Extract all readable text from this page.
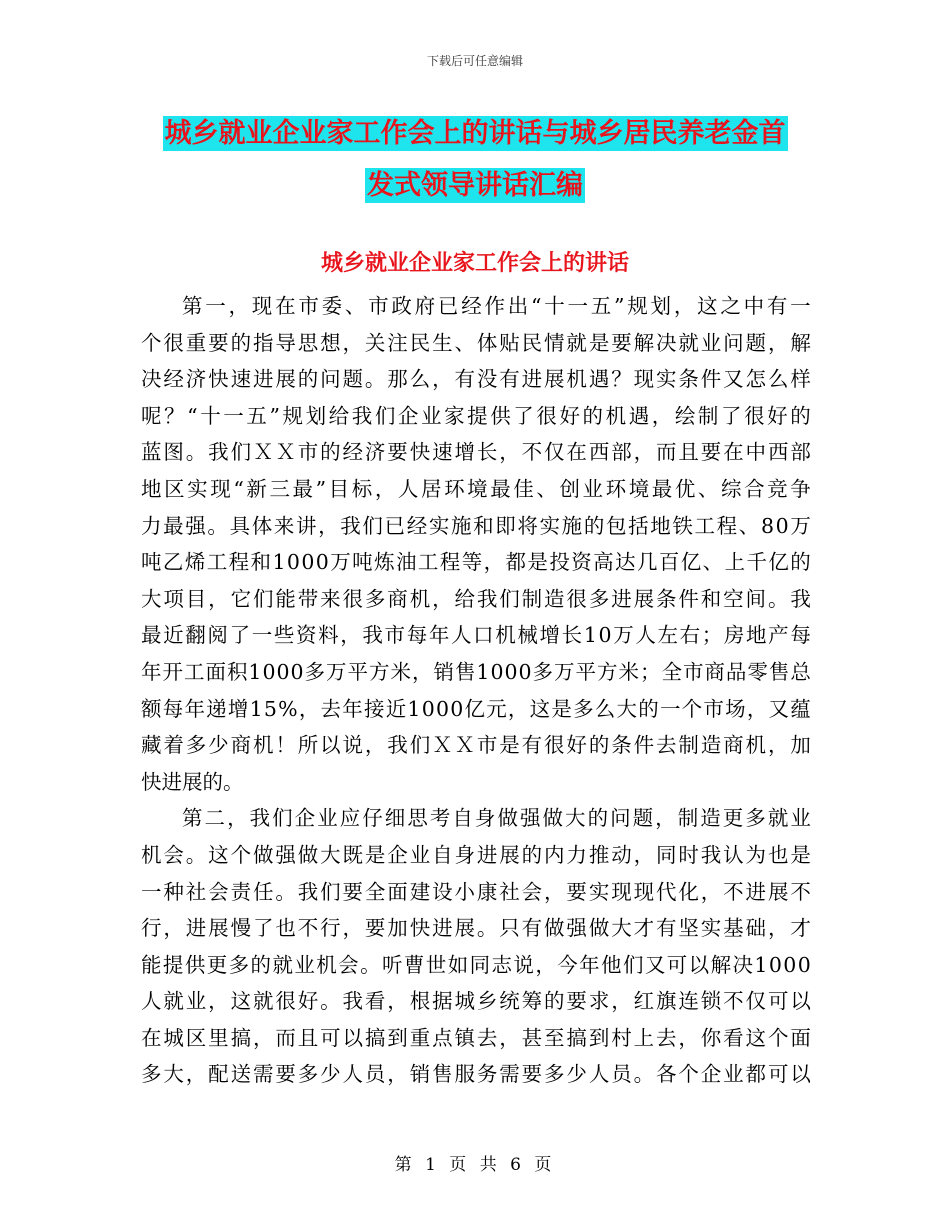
下载后可任意编辑
城乡就业企业家工作会上的讲话与城乡居民养老金首
发式领导讲话汇编
城乡就业企业家工作会上的讲话
第 一 ， 现 在 市 委 、 市 政 府 已 经 作 出 “ 十 一 五 ” 规 划 ， 这 之 中 有 一
个 很 重 要 的 指 导 思 想 ， 关 注 民 生 、 体 贴 民 情 就 是 要 解 决 就 业 问 题 ， 解
决 经 济 快 速 进 展 的 问 题 。 那 么 ， 有 没 有 进 展 机 遇 ？ 现 实 条 件 又 怎 么 样
呢 ？ “ 十 一 五 ” 规 划 给 我 们 企 业 家 提 供 了 很 好 的 机 遇 ， 绘 制 了 很 好 的
蓝 图 。 我 们 Ｘ Ｘ 市 的 经 济 要 快 速 增 长 ， 不 仅 在 西 部 ， 而 且 要 在 中 西 部
地 区 实 现 “ 新 三 最 ” 目 标 ， 人 居 环 境 最 佳 、 创 业 环 境 最 优 、 综 合 竞 争
力 最 强 。 具 体 来 讲 ， 我 们 已 经 实 施 和 即 将 实 施 的 包 括 地 铁 工 程 、 8 0 万
吨 乙 烯 工 程 和 1 0 0 0 万 吨 炼 油 工 程 等 ， 都 是 投 资 高 达 几 百 亿 、 上 千 亿 的
大 项 目 ， 它 们 能 带 来 很 多 商 机 ， 给 我 们 制 造 很 多 进 展 条 件 和 空 间 。 我
最 近 翻 阅 了 一 些 资 料 ， 我 市 每 年 人 口 机 械 增 长 1 0 万 人 左 右 ； 房 地 产 每
年 开 工 面 积 1 0 0 0 多 万 平 方 米 ， 销 售 1 0 0 0 多 万 平 方 米 ； 全 市 商 品 零 售 总
额 每 年 递 增 1 5 % ， 去 年 接 近 1 0 0 0 亿 元 ， 这 是 多 么 大 的 一 个 市 场 ， 又 蕴
藏 着 多 少 商 机 ！ 所 以 说 ， 我 们 Ｘ Ｘ 市 是 有 很 好 的 条 件 去 制 造 商 机 ， 加
快进展的。
第 二 ， 我 们 企 业 应 仔 细 思 考 自 身 做 强 做 大 的 问 题 ， 制 造 更 多 就 业
机 会 。 这 个 做 强 做 大 既 是 企 业 自 身 进 展 的 内 力 推 动 ， 同 时 我 认 为 也 是
一 种 社 会 责 任 。 我 们 要 全 面 建 设 小 康 社 会 ， 要 实 现 现 代 化 ， 不 进 展 不
行 ， 进 展 慢 了 也 不 行 ， 要 加 快 进 展 。 只 有 做 强 做 大 才 有 坚 实 基 础 ， 才
能 提 供 更 多 的 就 业 机 会 。 听 曹 世 如 同 志 说 ， 今 年 他 们 又 可 以 解 决 1 0 0 0
人 就 业 ， 这 就 很 好 。 我 看 ， 根 据 城 乡 统 筹 的 要 求 ， 红 旗 连 锁 不 仅 可 以
在 城 区 里 搞 ， 而 且 可 以 搞 到 重 点 镇 去 ， 甚 至 搞 到 村 上 去 ， 你 看 这 个 面
多 大 ， 配 送 需 要 多 少 人 员 ， 销 售 服 务 需 要 多 少 人 员 。 各 个 企 业 都 可 以
第 1 页 共 6 页
